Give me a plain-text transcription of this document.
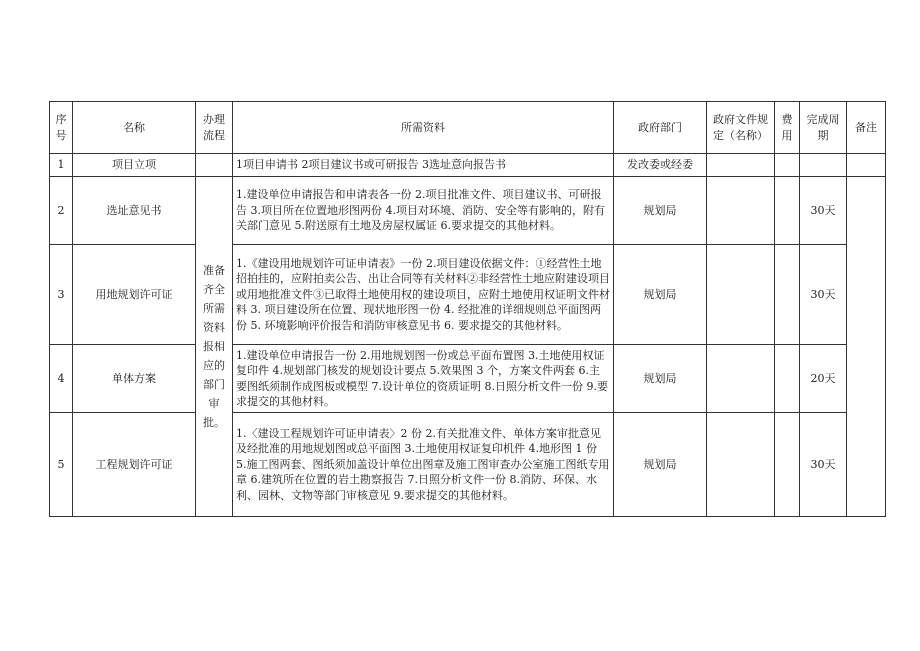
序号	名称	办理流程	所需资料	政府部门	政府文件规定（名称）	费用	完成周期	备注
1	项目立项		1项目申请书 2项目建议书或可研报告 3选址意向报告书	发改委或经委				
2	选址意见书	准备齐全所需资料报相应的部门审批。	1.建设单位申请报告和申请表各一份 2.项目批准文件、项目建议书、可研报告 3.项目所在位置地形图两份 4.项目对环境、消防、安全等有影响的，附有关部门意见 5.附送原有土地及房屋权属证 6.要求提交的其他材料。	规划局			30天	
3	用地规划许可证		1.《建设用地规划许可证申请表》一份 2.项目建设依据文件：①经营性土地招拍挂的，应附拍卖公告、出让合同等有关材料②非经营性土地应附建设项目或用地批准文件③已取得土地使用权的建设项目，应附土地使用权证明文件材料 3. 项目建设所在位置、现状地形图一份 4. 经批准的详细规则总平面图两份 5. 环境影响评价报告和消防审核意见书 6. 要求提交的其他材料。	规划局			30天	
4	单体方案		1.建设单位申请报告一份 2.用地规划图一份或总平面布置图 3.土地使用权证复印件 4.规划部门核发的规划设计要点 5.效果图 3 个，方案文件两套 6.主要图纸须制作成图板或模型 7.设计单位的资质证明 8.日照分析文件一份 9.要求提交的其他材料。	规划局			20天	
5	工程规划许可证		1.〈建设工程规划许可证申请表〉2 份 2.有关批准文件、单体方案审批意见及经批准的用地规划图或总平面图 3.土地使用权证复印机件 4.地形图 1 份 5.施工图两套、图纸须加盖设计单位出图章及施工图审查办公室施工图纸专用章 6.建筑所在位置的岩土勘察报告 7.日照分析文件一份 8.消防、环保、水利、园林、文物等部门审核意见 9.要求提交的其他材料。	规划局			30天	
